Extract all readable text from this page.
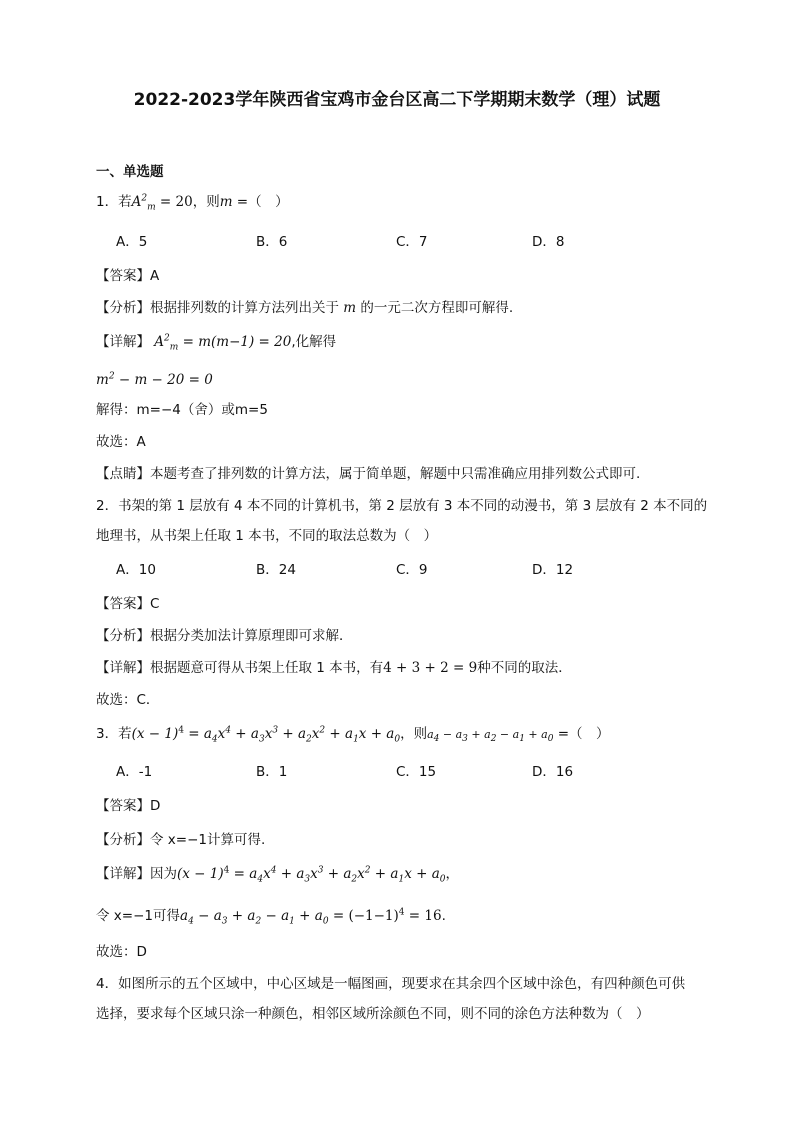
2022-2023学年陕西省宝鸡市金台区高二下学期期末数学（理）试题
一、单选题
1．若$A^2_m = 20$，则m =（　）
A．5	B．6	C．7	D．8
【答案】A
【分析】根据排列数的计算方法列出关于 m 的一元二次方程即可解得.
【详解】 $A^2_m = m(m-1) = 20$,化解得
$m^2 - m - 20 = 0$
解得：m=−4（舍）或m=5
故选：A
【点睛】本题考查了排列数的计算方法，属于简单题，解题中只需准确应用排列数公式即可.
2．书架的第 1 层放有 4 本不同的计算机书，第 2 层放有 3 本不同的动漫书，第 3 层放有 2 本不同的
地理书，从书架上任取 1 本书，不同的取法总数为（　）
A．10	B．24	C．9	D．12
【答案】C
【分析】根据分类加法计算原理即可求解．
【详解】根据题意可得从书架上任取 1 本书，有4 + 3 + 2 = 9种不同的取法．
故选：C．
3．若$(x - 1)^4 = a_4x^4 + a_3x^3 + a_2x^2 + a_1x + a_0$，则$a_4 - a_3 + a_2 - a_1 + a_0$ =（　）
A．-1	B．1	C．15	D．16
【答案】D
【分析】令 x=−1计算可得.
【详解】因为$(x - 1)^4 = a_4x^4 + a_3x^3 + a_2x^2 + a_1x + a_0$，
令 x=−1可得$a_4 - a_3 + a_2 - a_1 + a_0 = (-1-1)^4 = 16$.
故选：D
4．如图所示的五个区域中，中心区域是一幅图画，现要求在其余四个区域中涂色，有四种颜色可供
选择，要求每个区域只涂一种颜色，相邻区域所涂颜色不同，则不同的涂色方法种数为（　）
